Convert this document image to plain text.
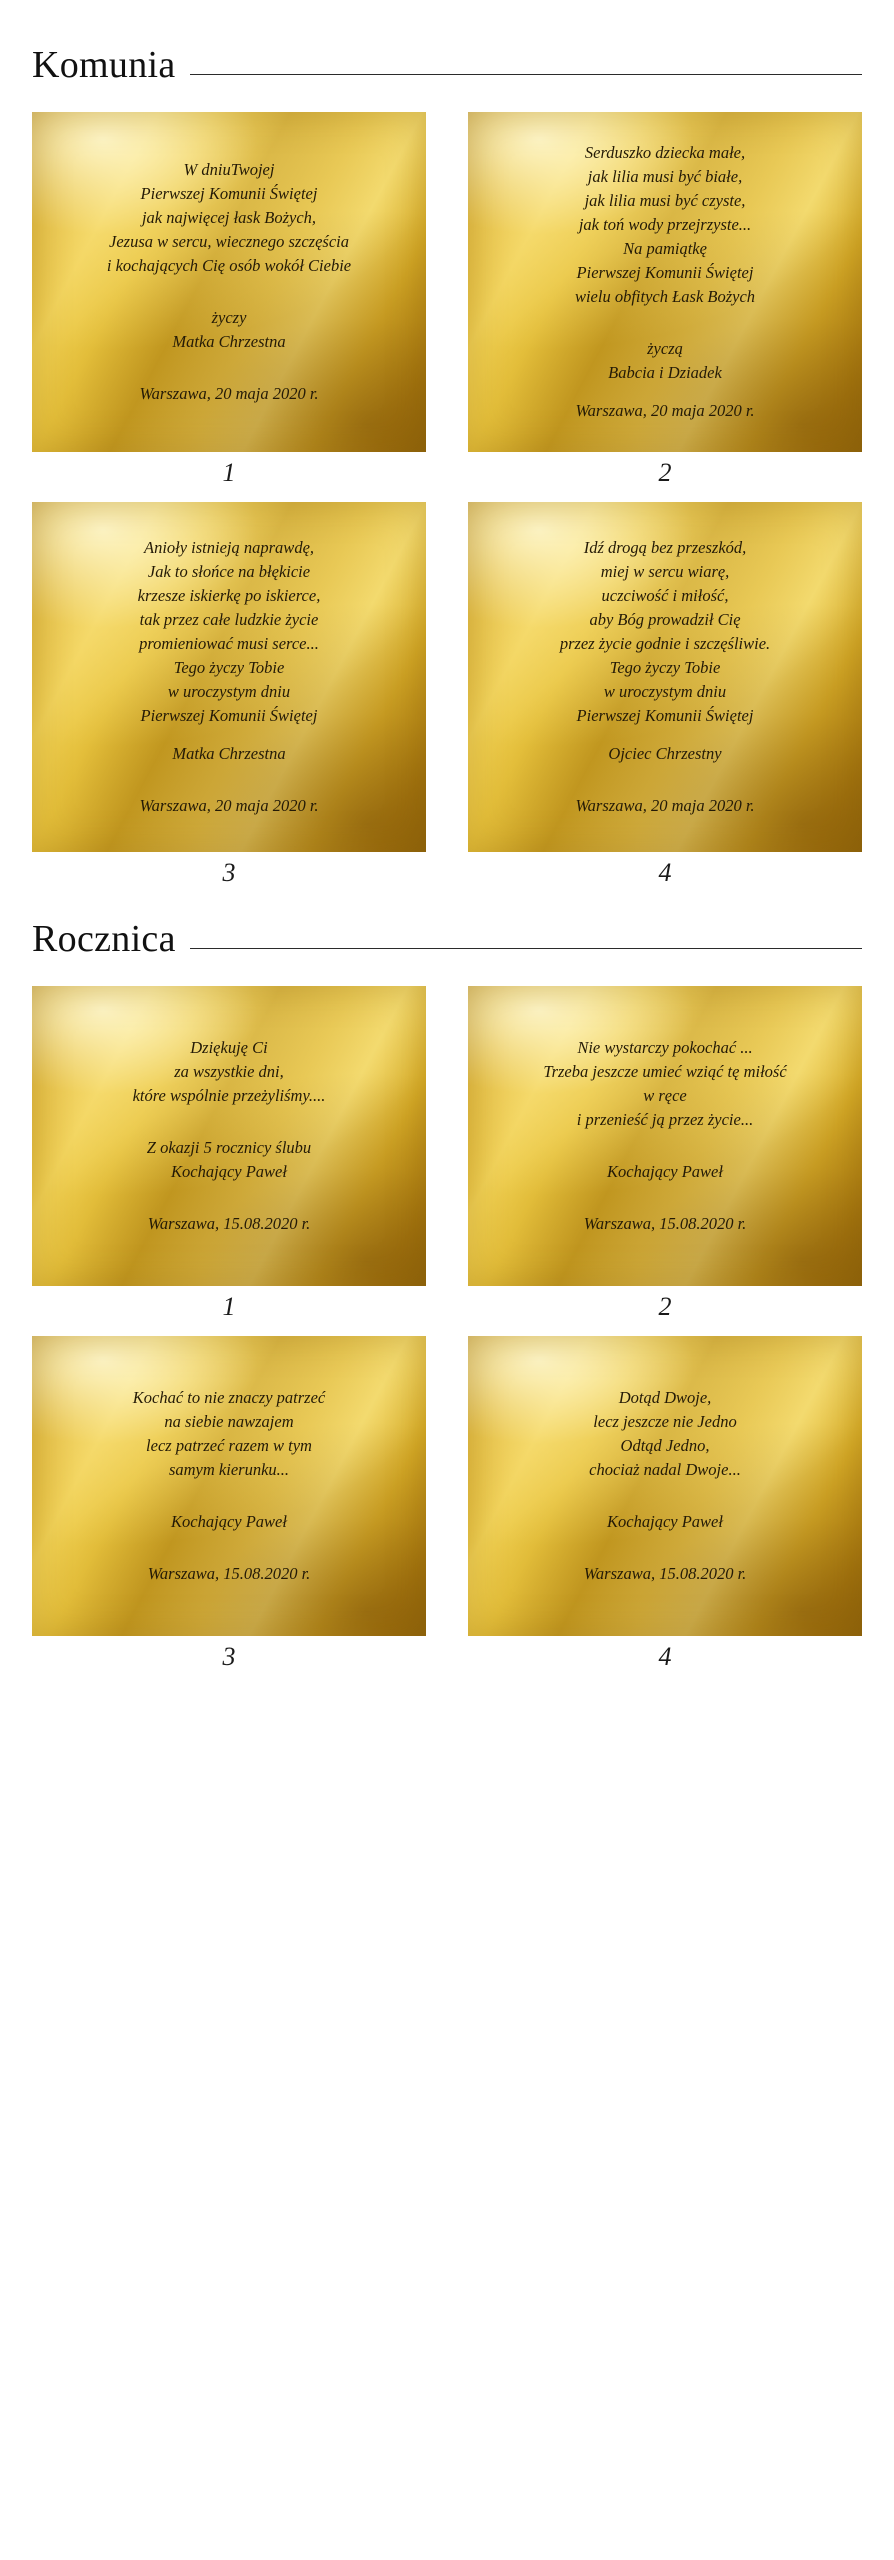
Komunia
W dniuTwojej
Pierwszej Komunii Świętej
jak najwięcej łask Bożych,
Jezusa w sercu, wiecznego szczęścia
i kochających Cię osób wokół Ciebie
życzy
Matka Chrzestna
Warszawa, 20 maja 2020 r.
1
Serduszko dziecka małe,
jak lilia musi być białe,
jak lilia musi być czyste,
jak toń wody przejrzyste...
Na pamiątkę
Pierwszej Komunii Świętej
wielu obfitych Łask Bożych
życzą
Babcia i Dziadek
Warszawa, 20 maja 2020 r.
2
Anioły istnieją naprawdę,
Jak to słońce na błękicie
krzesze iskierkę po iskierce,
tak przez całe ludzkie życie
promieniować musi serce...
Tego życzy Tobie
w uroczystym dniu
Pierwszej Komunii Świętej
Matka Chrzestna
Warszawa, 20 maja 2020 r.
3
Idź drogą bez przeszkód,
miej w sercu wiarę,
uczciwość i miłość,
aby Bóg prowadził Cię
przez życie godnie i szczęśliwie.
Tego życzy Tobie
w uroczystym dniu
Pierwszej Komunii Świętej
Ojciec Chrzestny
Warszawa, 20 maja 2020 r.
4
Rocznica
Dziękuję Ci
za wszystkie dni,
które wspólnie przeżyliśmy....
Z okazji 5 rocznicy ślubu
Kochający Paweł
Warszawa, 15.08.2020 r.
1
Nie wystarczy pokochać ...
Trzeba jeszcze umieć wziąć tę miłość
w ręce
i przenieść ją przez życie...
Kochający Paweł
Warszawa, 15.08.2020 r.
2
Kochać to nie znaczy patrzeć
na siebie nawzajem
lecz patrzeć razem w tym
samym kierunku...
Kochający Paweł
Warszawa, 15.08.2020 r.
3
Dotąd Dwoje,
lecz jeszcze nie Jedno
Odtąd Jedno,
chociaż nadal Dwoje...
Kochający Paweł
Warszawa, 15.08.2020 r.
4
